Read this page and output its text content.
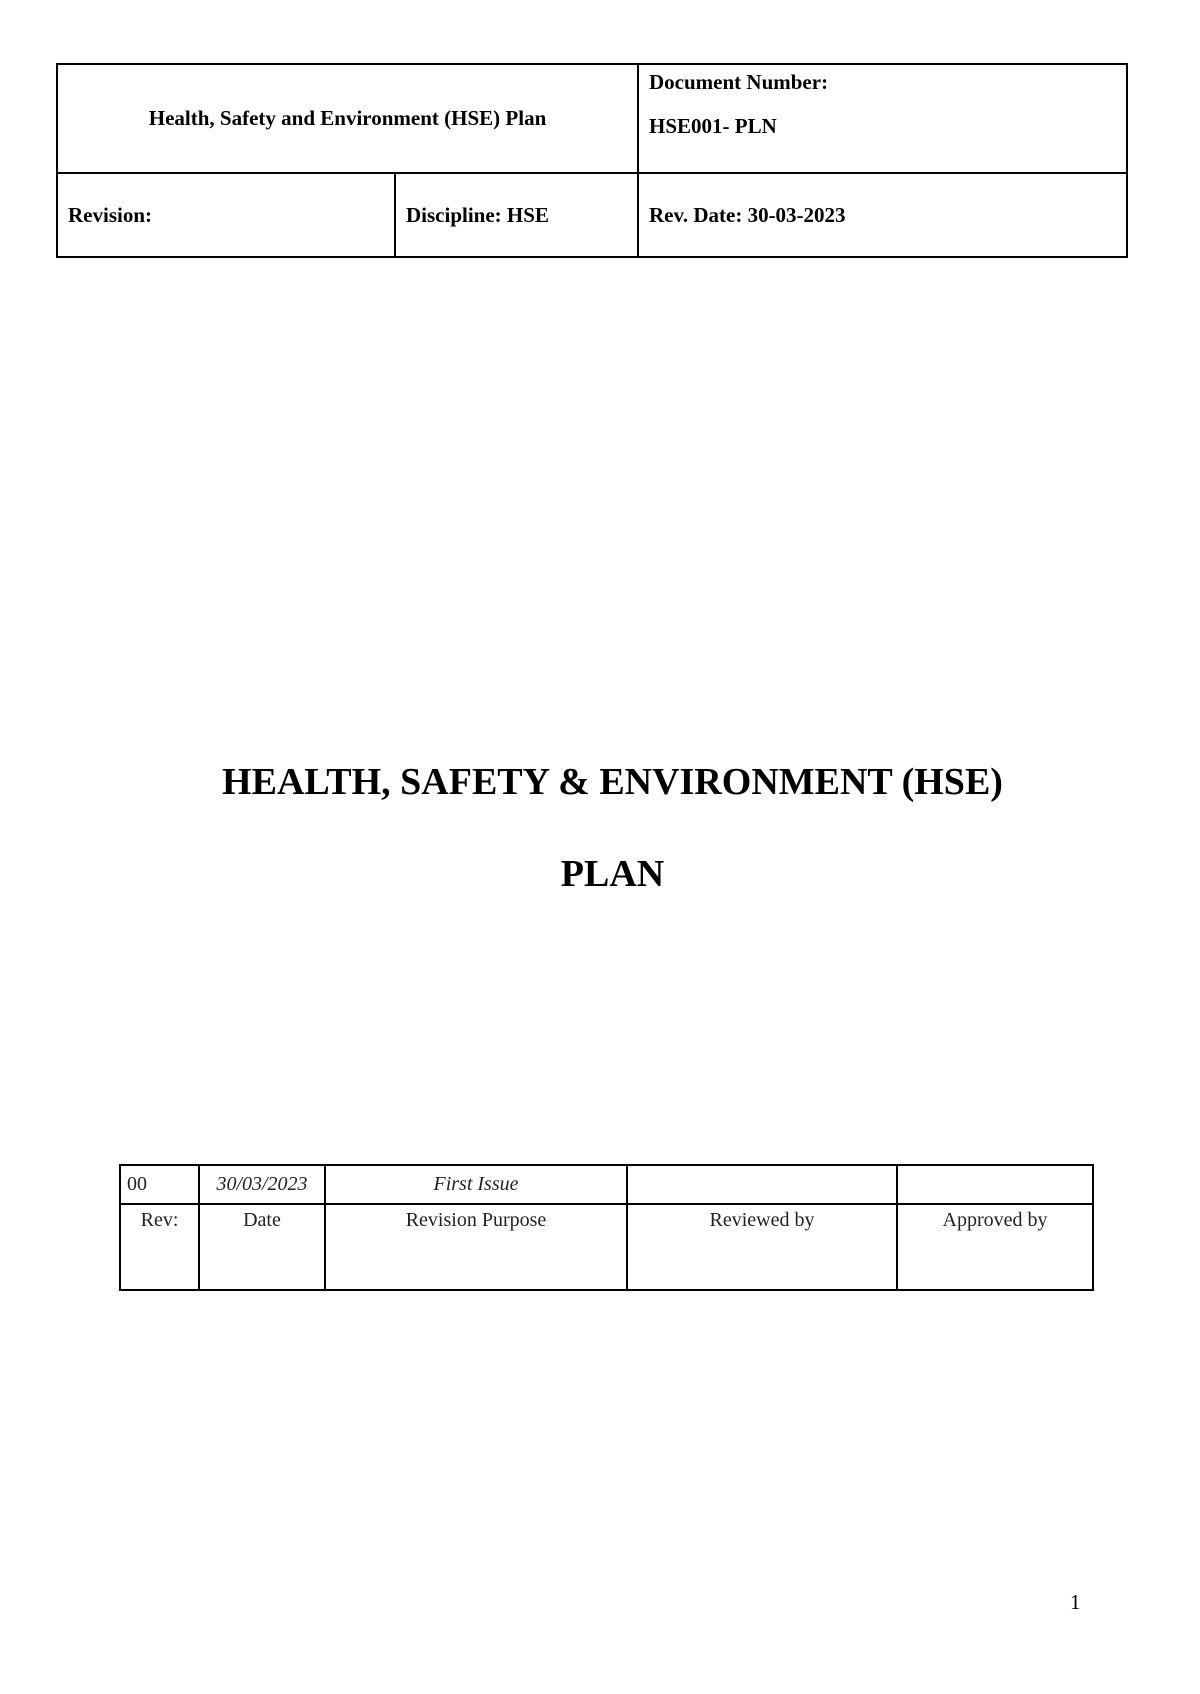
Health, Safety and Environment (HSE) Plan		Document Number:
HSE001- PLN

Revision:	Discipline: HSE	Rev. Date: 30-03-2023
HEALTH, SAFETY & ENVIRONMENT (HSE)
PLAN
00	30/03/2023	First Issue		
Rev:	Date	Revision Purpose	Reviewed by	Approved by
1
